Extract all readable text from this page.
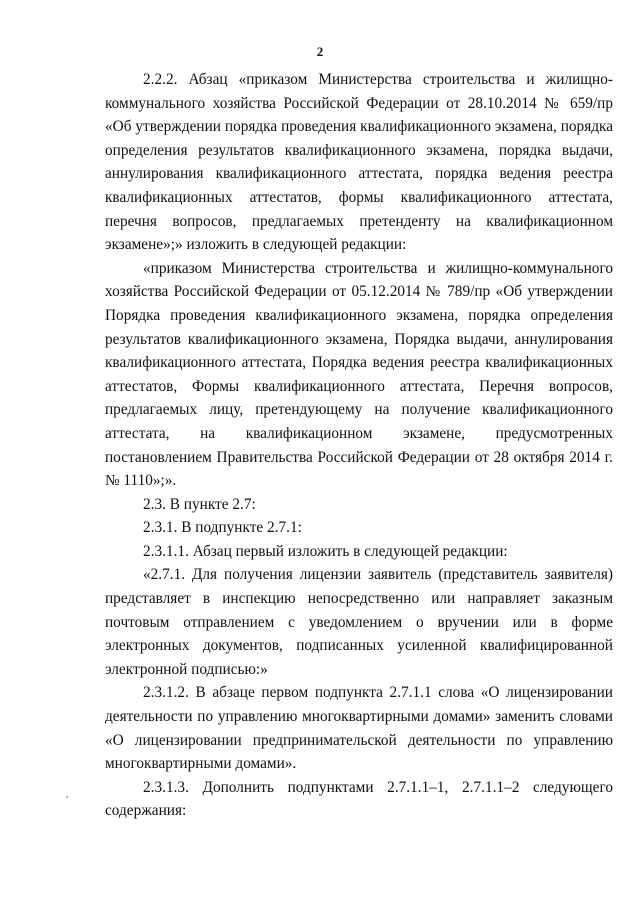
2
2.2.2. Абзац «приказом Министерства строительства и жилищно-
коммунального хозяйства Российской Федерации от 28.10.2014 № 659/пр
«Об утверждении порядка проведения квалификационного экзамена, порядка
определения результатов квалификационного экзамена, порядка выдачи,
аннулирования квалификационного аттестата, порядка ведения реестра
квалификационных аттестатов, формы квалификационного аттестата,
перечня вопросов, предлагаемых претенденту на квалификационном
экзамене»;» изложить в следующей редакции:
«приказом Министерства строительства и жилищно-коммунального
хозяйства Российской Федерации от 05.12.2014 № 789/пр «Об утверждении
Порядка проведения квалификационного экзамена, порядка определения
результатов квалификационного экзамена, Порядка выдачи, аннулирования
квалификационного аттестата, Порядка ведения реестра квалификационных
аттестатов, Формы квалификационного аттестата, Перечня вопросов,
предлагаемых лицу, претендующему на получение квалификационного
аттестата, на квалификационном экзамене, предусмотренных
постановлением Правительства Российской Федерации от 28 октября 2014 г.
№ 1110»;».
2.3. В пункте 2.7:
2.3.1. В подпункте 2.7.1:
2.3.1.1. Абзац первый изложить в следующей редакции:
«2.7.1. Для получения лицензии заявитель (представитель заявителя)
представляет в инспекцию непосредственно или направляет заказным
почтовым отправлением с уведомлением о вручении или в форме
электронных документов, подписанных усиленной квалифицированной
электронной подписью:»
2.3.1.2. В абзаце первом подпункта 2.7.1.1 слова «О лицензировании
деятельности по управлению многоквартирными домами» заменить словами
«О лицензировании предпринимательской деятельности по управлению
многоквартирными домами».
2.3.1.3. Дополнить подпунктами 2.7.1.1–1, 2.7.1.1–2 следующего
содержания:
